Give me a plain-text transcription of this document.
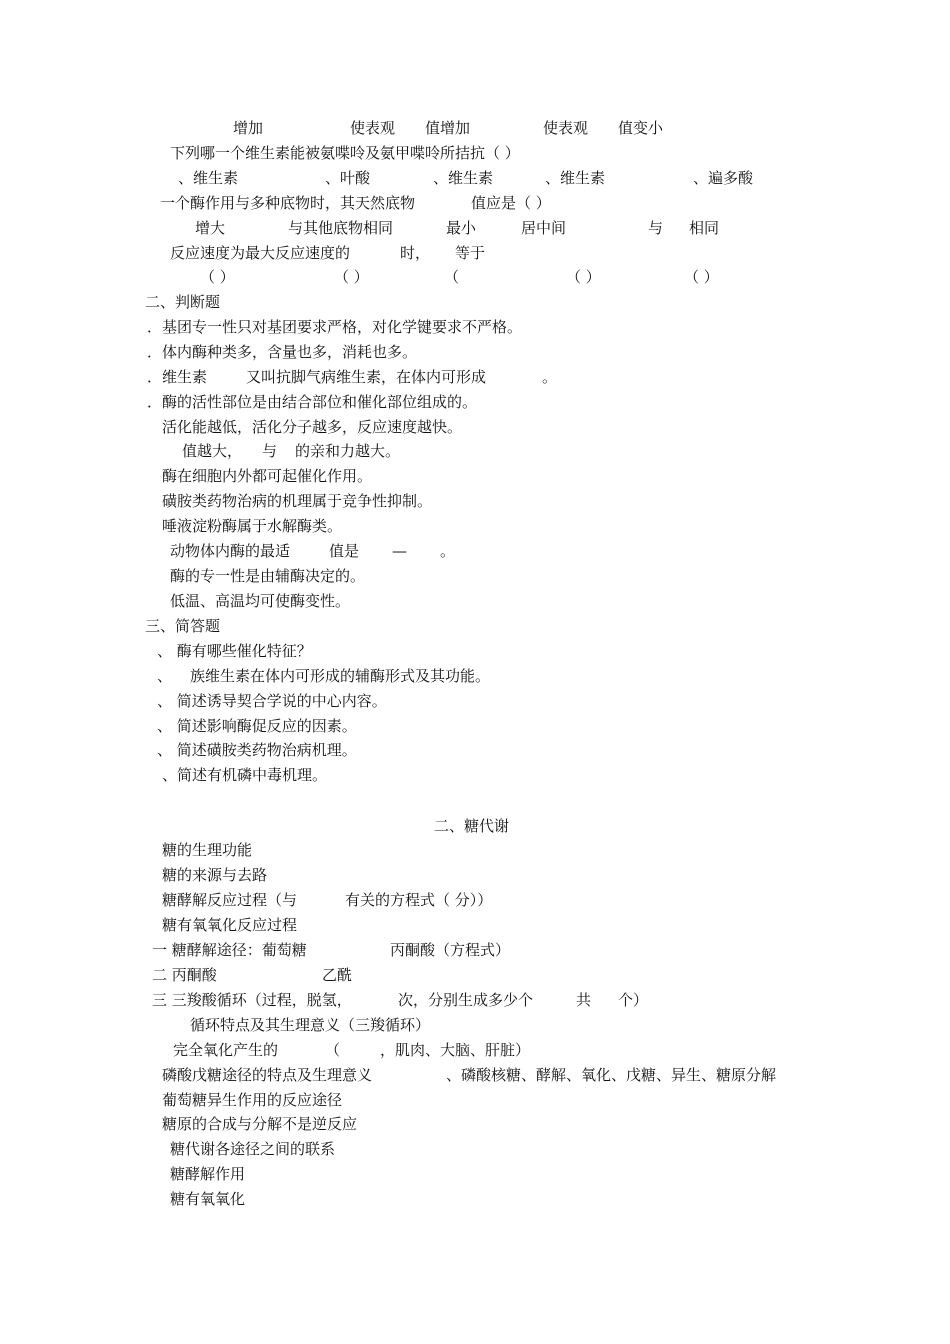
增加	使表观 值增加	使表观 值变小
下列哪一个维生素能被氨喋呤及氨甲喋呤所拮抗（ ）
、维生素	、叶酸	、维生素	、维生素	、遍多酸
一个酶作用与多种底物时，其天然底物	值应是（ ）
增大	与其他底物相同	最小	居中间	与 相同
反应速度为最大反应速度的	时， 等于
（ ）	（ ）	（	（ ）	（ ）
二、判断题
．基团专一性只对基团要求严格，对化学键要求不严格。
．体内酶种类多，含量也多，消耗也多。
．维生素	又叫抗脚气病维生素，在体内可形成	。
．酶的活性部位是由结合部位和催化部位组成的。
活化能越低，活化分子越多，反应速度越快。
值越大， 与 的亲和力越大。
酶在细胞内外都可起催化作用。
磺胺类药物治病的机理属于竞争性抑制。
唾液淀粉酶属于水解酶类。
动物体内酶的最适	值是 — 。
酶的专一性是由辅酶决定的。
低温、高温均可使酶变性。
三、简答题
、 酶有哪些催化特征？
、 族维生素在体内可形成的辅酶形式及其功能。
、 简述诱导契合学说的中心内容。
、 简述影响酶促反应的因素。
、 简述磺胺类药物治病机理。
、简述有机磷中毒机理。
二、糖代谢
糖的生理功能
糖的来源与去路
糖酵解反应过程（与	有关的方程式（ 分））
糖有氧氧化反应过程
一 糖酵解途径：葡萄糖	丙酮酸（方程式）
二 丙酮酸	乙酰
三 三羧酸循环（过程，脱氢，	次，分别生成多少个	共 个）
循环特点及其生理意义（三羧循环）
完全氧化产生的	（	，肌肉、大脑、肝脏）
磷酸戊糖途径的特点及生理意义	、磷酸核糖、酵解、氧化、戊糖、异生、糖原分解
葡萄糖异生作用的反应途径
糖原的合成与分解不是逆反应
糖代谢各途径之间的联系
糖酵解作用
糖有氧氧化
